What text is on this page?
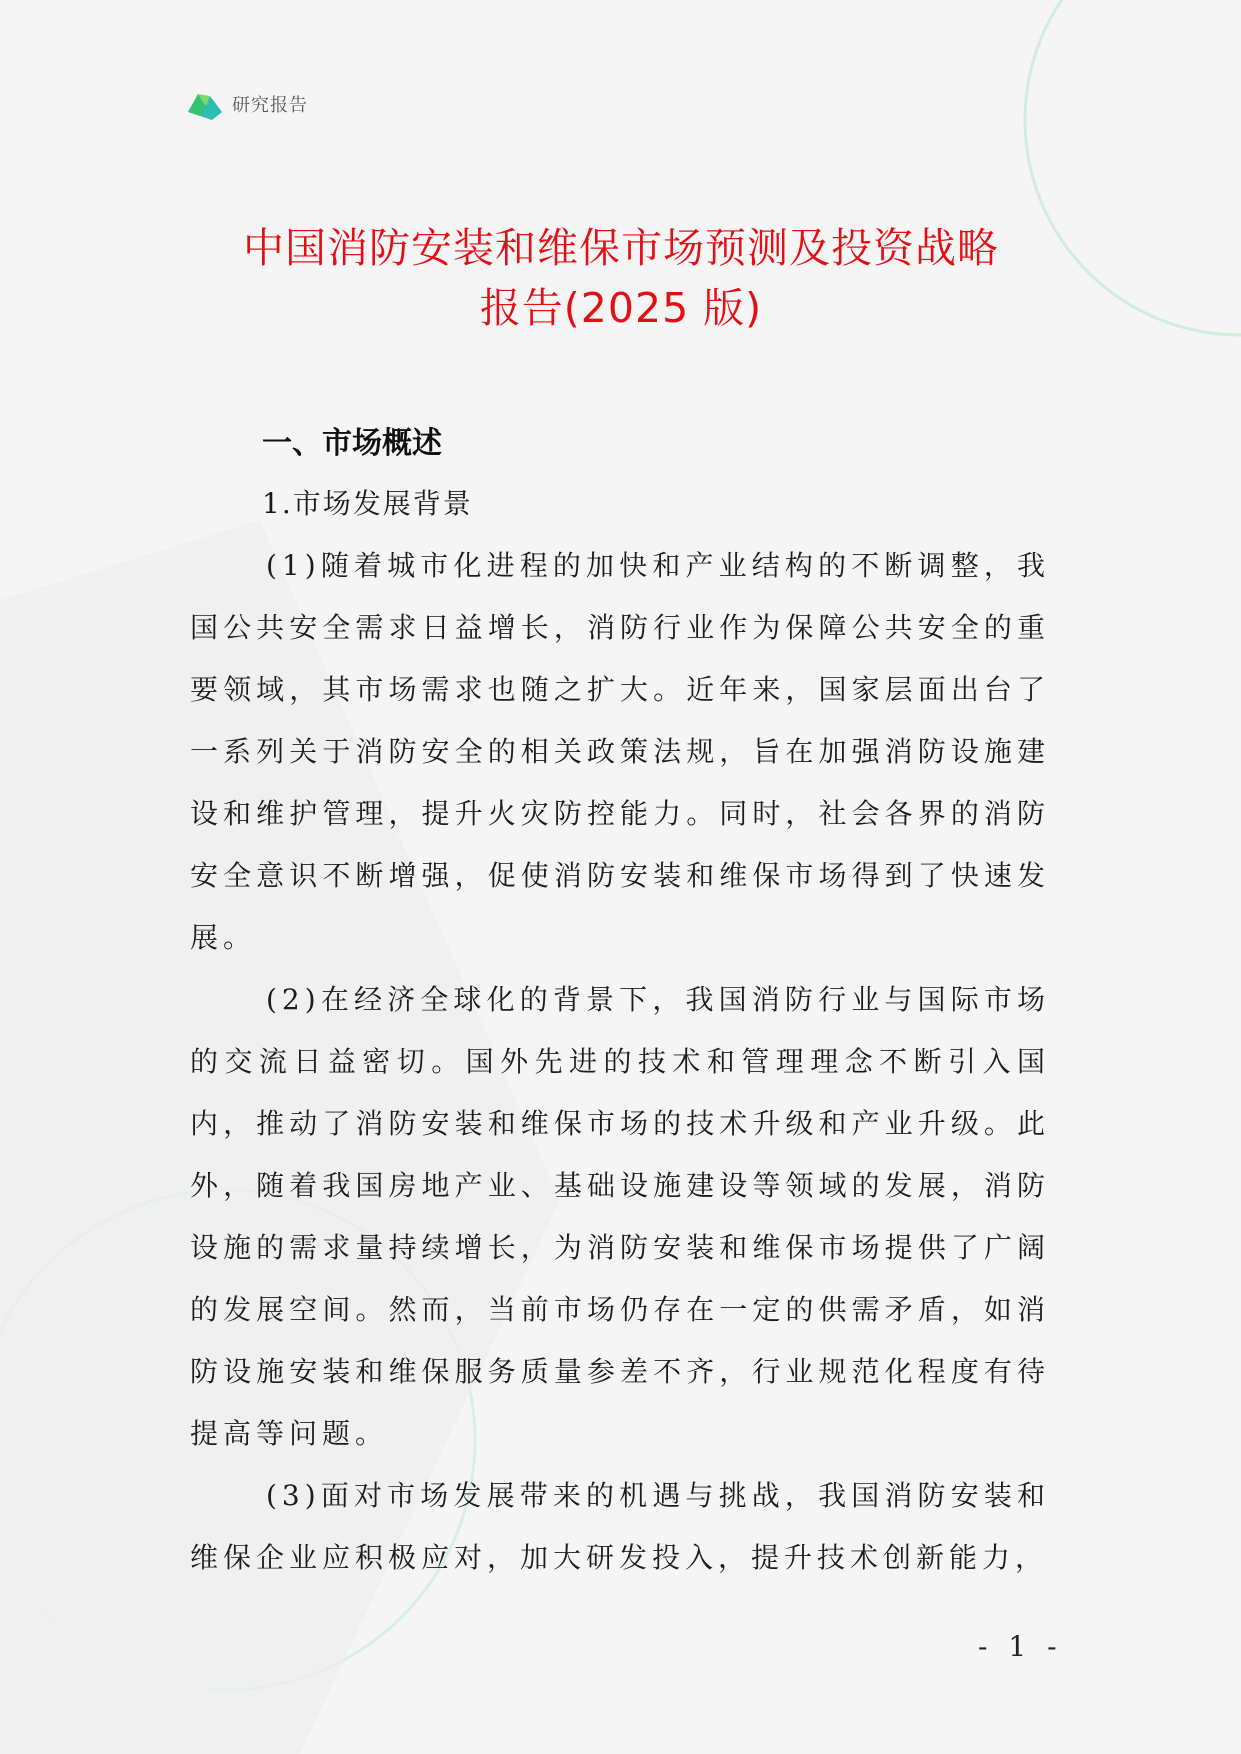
研究报告
中国消防安装和维保市场预测及投资战略
报告(2025 版)
一、市场概述
1.市场发展背景

(1)随着城市化进程的加快和产业结构的不断调整，我国公共安全需求日益增长，消防行业作为保障公共安全的重要领域，其市场需求也随之扩大。近年来，国家层面出台了一系列关于消防安全的相关政策法规，旨在加强消防设施建设和维护管理，提升火灾防控能力。同时，社会各界的消防安全意识不断增强，促使消防安装和维保市场得到了快速发展。

(2)在经济全球化的背景下，我国消防行业与国际市场的交流日益密切。国外先进的技术和管理理念不断引入国内，推动了消防安装和维保市场的技术升级和产业升级。此外，随着我国房地产业、基础设施建设等领域的发展，消防设施的需求量持续增长，为消防安装和维保市场提供了广阔的发展空间。然而，当前市场仍存在一定的供需矛盾，如消防设施安装和维保服务质量参差不齐，行业规范化程度有待提高等问题。

(3)面对市场发展带来的机遇与挑战，我国消防安装和维保企业应积极应对，加大研发投入，提升技术创新能力，

- 1 -
